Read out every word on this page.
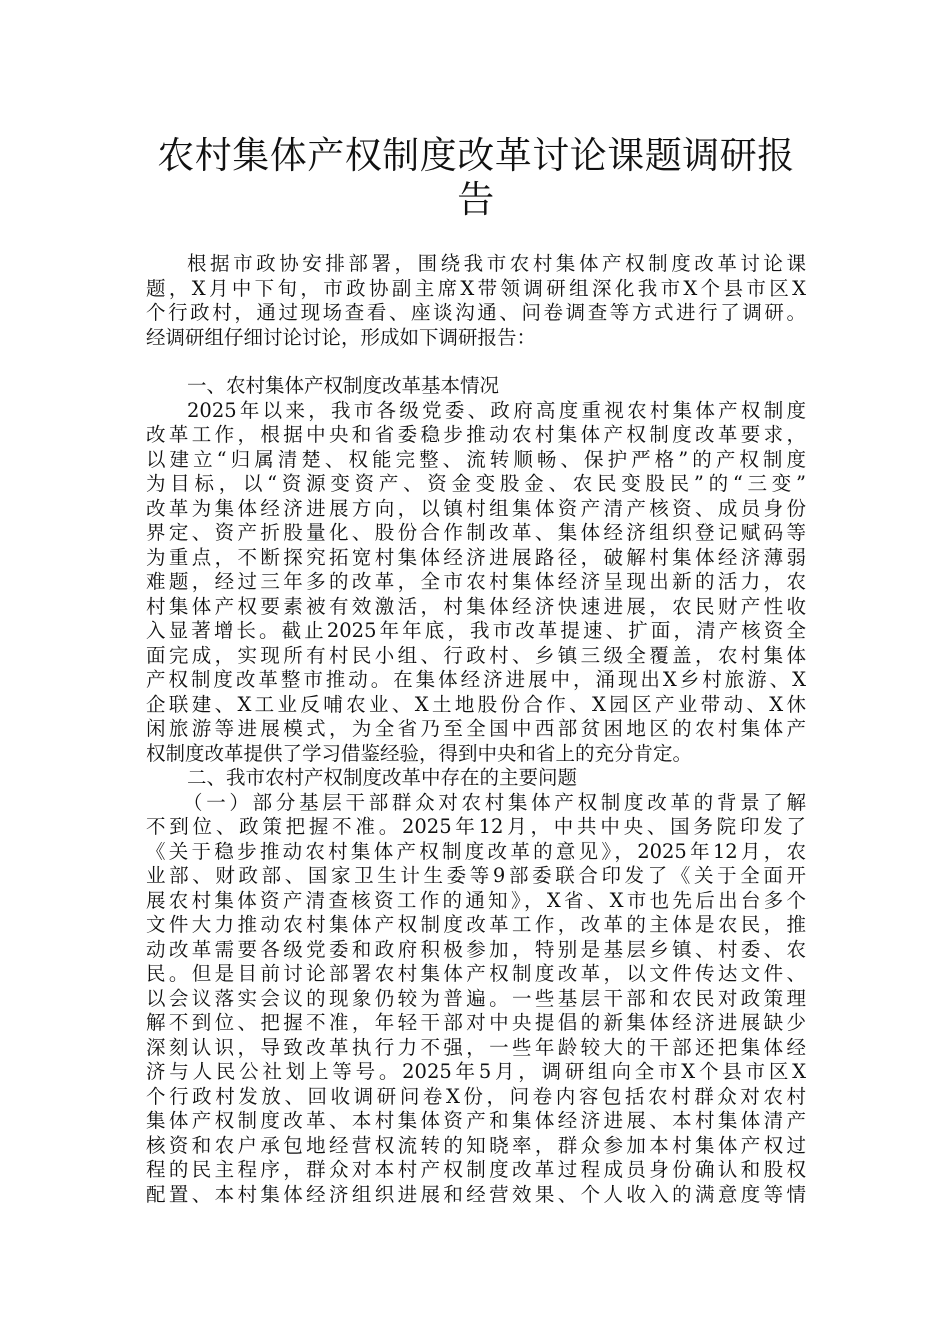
农村集体产权制度改革讨论课题调研报
告
根据市政协安排部署，围绕我市农村集体产权制度改革讨论课
题，X月中下旬，市政协副主席X带领调研组深化我市X个县市区X
个行政村，通过现场查看、座谈沟通、问卷调查等方式进行了调研。
经调研组仔细讨论讨论，形成如下调研报告：
一、农村集体产权制度改革基本情况
2025年以来，我市各级党委、政府高度重视农村集体产权制度
改革工作，根据中央和省委稳步推动农村集体产权制度改革要求，
以建立“归属清楚、权能完整、流转顺畅、保护严格”的产权制度
为目标，以“资源变资产、资金变股金、农民变股民”的“三变”
改革为集体经济进展方向，以镇村组集体资产清产核资、成员身份
界定、资产折股量化、股份合作制改革、集体经济组织登记赋码等
为重点，不断探究拓宽村集体经济进展路径，破解村集体经济薄弱
难题，经过三年多的改革，全市农村集体经济呈现出新的活力，农
村集体产权要素被有效激活，村集体经济快速进展，农民财产性收
入显著增长。截止2025年年底，我市改革提速、扩面，清产核资全
面完成，实现所有村民小组、行政村、乡镇三级全覆盖，农村集体
产权制度改革整市推动。在集体经济进展中，涌现出X乡村旅游、X
企联建、X工业反哺农业、X土地股份合作、X园区产业带动、X休
闲旅游等进展模式，为全省乃至全国中西部贫困地区的农村集体产
权制度改革提供了学习借鉴经验，得到中央和省上的充分肯定。
二、我市农村产权制度改革中存在的主要问题
（一）部分基层干部群众对农村集体产权制度改革的背景了解
不到位、政策把握不准。2025年12月，中共中央、国务院印发了
《关于稳步推动农村集体产权制度改革的意见》，2025年12月，农
业部、财政部、国家卫生计生委等9部委联合印发了《关于全面开
展农村集体资产清查核资工作的通知》，X省、X市也先后出台多个
文件大力推动农村集体产权制度改革工作，改革的主体是农民，推
动改革需要各级党委和政府积极参加，特别是基层乡镇、村委、农
民。但是目前讨论部署农村集体产权制度改革，以文件传达文件、
以会议落实会议的现象仍较为普遍。一些基层干部和农民对政策理
解不到位、把握不准，年轻干部对中央提倡的新集体经济进展缺少
深刻认识，导致改革执行力不强，一些年龄较大的干部还把集体经
济与人民公社划上等号。2025年5月，调研组向全市X个县市区X
个行政村发放、回收调研问卷X份，问卷内容包括农村群众对农村
集体产权制度改革、本村集体资产和集体经济进展、本村集体清产
核资和农户承包地经营权流转的知晓率，群众参加本村集体产权过
程的民主程序，群众对本村产权制度改革过程成员身份确认和股权
配置、本村集体经济组织进展和经营效果、个人收入的满意度等情
